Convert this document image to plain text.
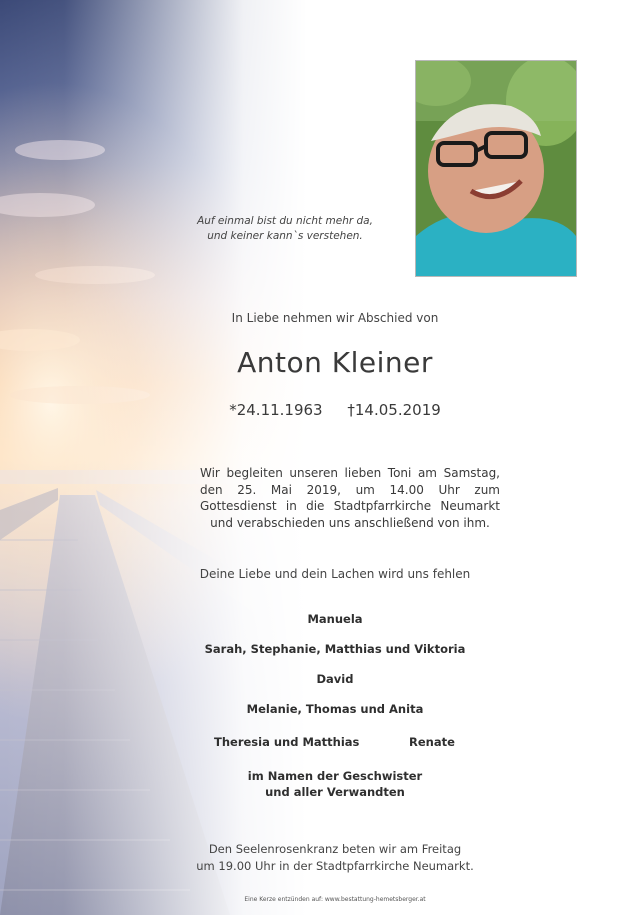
Auf einmal bist du nicht mehr da,
und keiner kann`s verstehen.

In Liebe nehmen wir Abschied von

Anton Kleiner

*24.11.1963 †14.05.2019

Wir begleiten unseren lieben Toni am Samstag, den 25. Mai 2019, um 14.00 Uhr zum Gottesdienst in die Stadtpfarrkirche Neumarkt und verabschieden uns anschließend von ihm.

Deine Liebe und dein Lachen wird uns fehlen

Manuela

Sarah, Stephanie, Matthias und Viktoria

David

Melanie, Thomas und Anita

Theresia und Matthias	Renate

im Namen der Geschwister
und aller Verwandten

Den Seelenrosenkranz beten wir am Freitag
um 19.00 Uhr in der Stadtpfarrkirche Neumarkt.

Eine Kerze entzünden auf: www.bestattung-hemetsberger.at
